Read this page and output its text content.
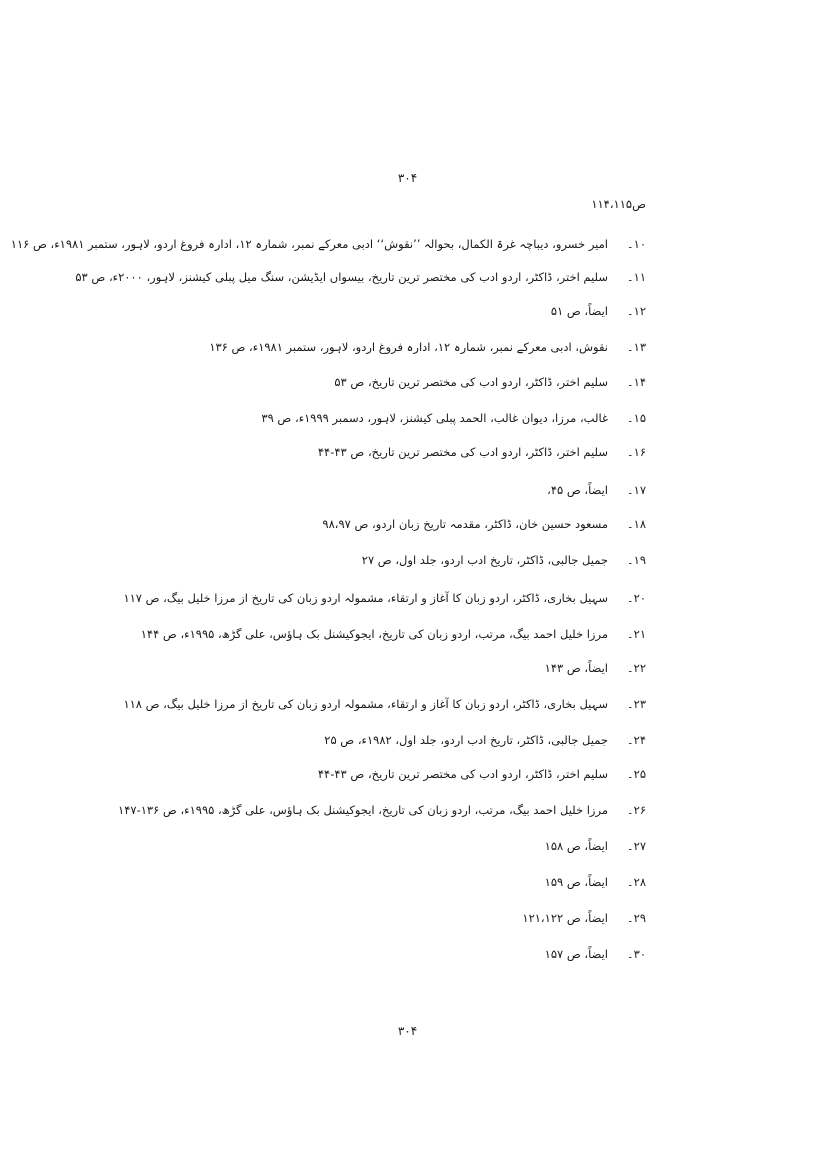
۳۰۴
ص۱۱۴،۱۱۵
۱۰۔امیر خسرو، دیباچہ غرۃ الکمال، بحوالہ ’’نقوش‘‘ ادبی معرکے نمبر، شمارہ ۱۲، ادارہ فروغ اردو، لاہور، ستمبر ۱۹۸۱ء، ص ۱۱۶
۱۱۔سلیم اختر، ڈاکٹر، اردو ادب کی مختصر ترین تاریخ، بیسواں ایڈیشن، سنگ میل پبلی کیشنز، لاہور، ۲۰۰۰ء، ص ۵۳
۱۲۔ایضاً، ص ۵۱
۱۳۔نقوش، ادبی معرکے نمبر، شمارہ ۱۲، ادارہ فروغ اردو، لاہور، ستمبر ۱۹۸۱ء، ص ۱۳۶
۱۴۔سلیم اختر، ڈاکٹر، اردو ادب کی مختصر ترین تاریخ، ص ۵۳
۱۵۔غالب، مرزا، دیوان غالب، الحمد پبلی کیشنز، لاہور، دسمبر ۱۹۹۹ء، ص ۳۹
۱۶۔سلیم اختر، ڈاکٹر، اردو ادب کی مختصر ترین تاریخ، ص ۴۳-۴۴
۱۷۔ایضاً، ص ۴۵،
۱۸۔مسعود حسین خان، ڈاکٹر، مقدمہ تاریخ زبان اردو، ص ۹۸،۹۷
۱۹۔جمیل جالبی، ڈاکٹر، تاریخ ادب اردو، جلد اول، ص ۲۷
۲۰۔سہیل بخاری، ڈاکٹر، اردو زبان کا آغاز و ارتقاء، مشمولہ اردو زبان کی تاریخ از مرزا خلیل بیگ، ص ۱۱۷
۲۱۔مرزا خلیل احمد بیگ، مرتب، اردو زبان کی تاریخ، ایجوکیشنل بک ہاؤس، علی گڑھ، ۱۹۹۵ء، ص ۱۴۴
۲۲۔ایضاً، ص ۱۴۳
۲۳۔سہیل بخاری، ڈاکٹر، اردو زبان کا آغاز و ارتقاء، مشمولہ اردو زبان کی تاریخ از مرزا خلیل بیگ، ص ۱۱۸
۲۴۔جمیل جالبی، ڈاکٹر، تاریخ ادب اردو، جلد اول، ۱۹۸۲ء، ص ۲۵
۲۵۔سلیم اختر، ڈاکٹر، اردو ادب کی مختصر ترین تاریخ، ص ۴۳-۴۴
۲۶۔مرزا خلیل احمد بیگ، مرتب، اردو زبان کی تاریخ، ایجوکیشنل بک ہاؤس، علی گڑھ، ۱۹۹۵ء، ص ۱۳۶-۱۴۷
۲۷۔ایضاً، ص ۱۵۸
۲۸۔ایضاً، ص ۱۵۹
۲۹۔ایضاً، ص ۱۲۱،۱۲۲
۳۰۔ایضاً، ص ۱۵۷
۳۰۴
